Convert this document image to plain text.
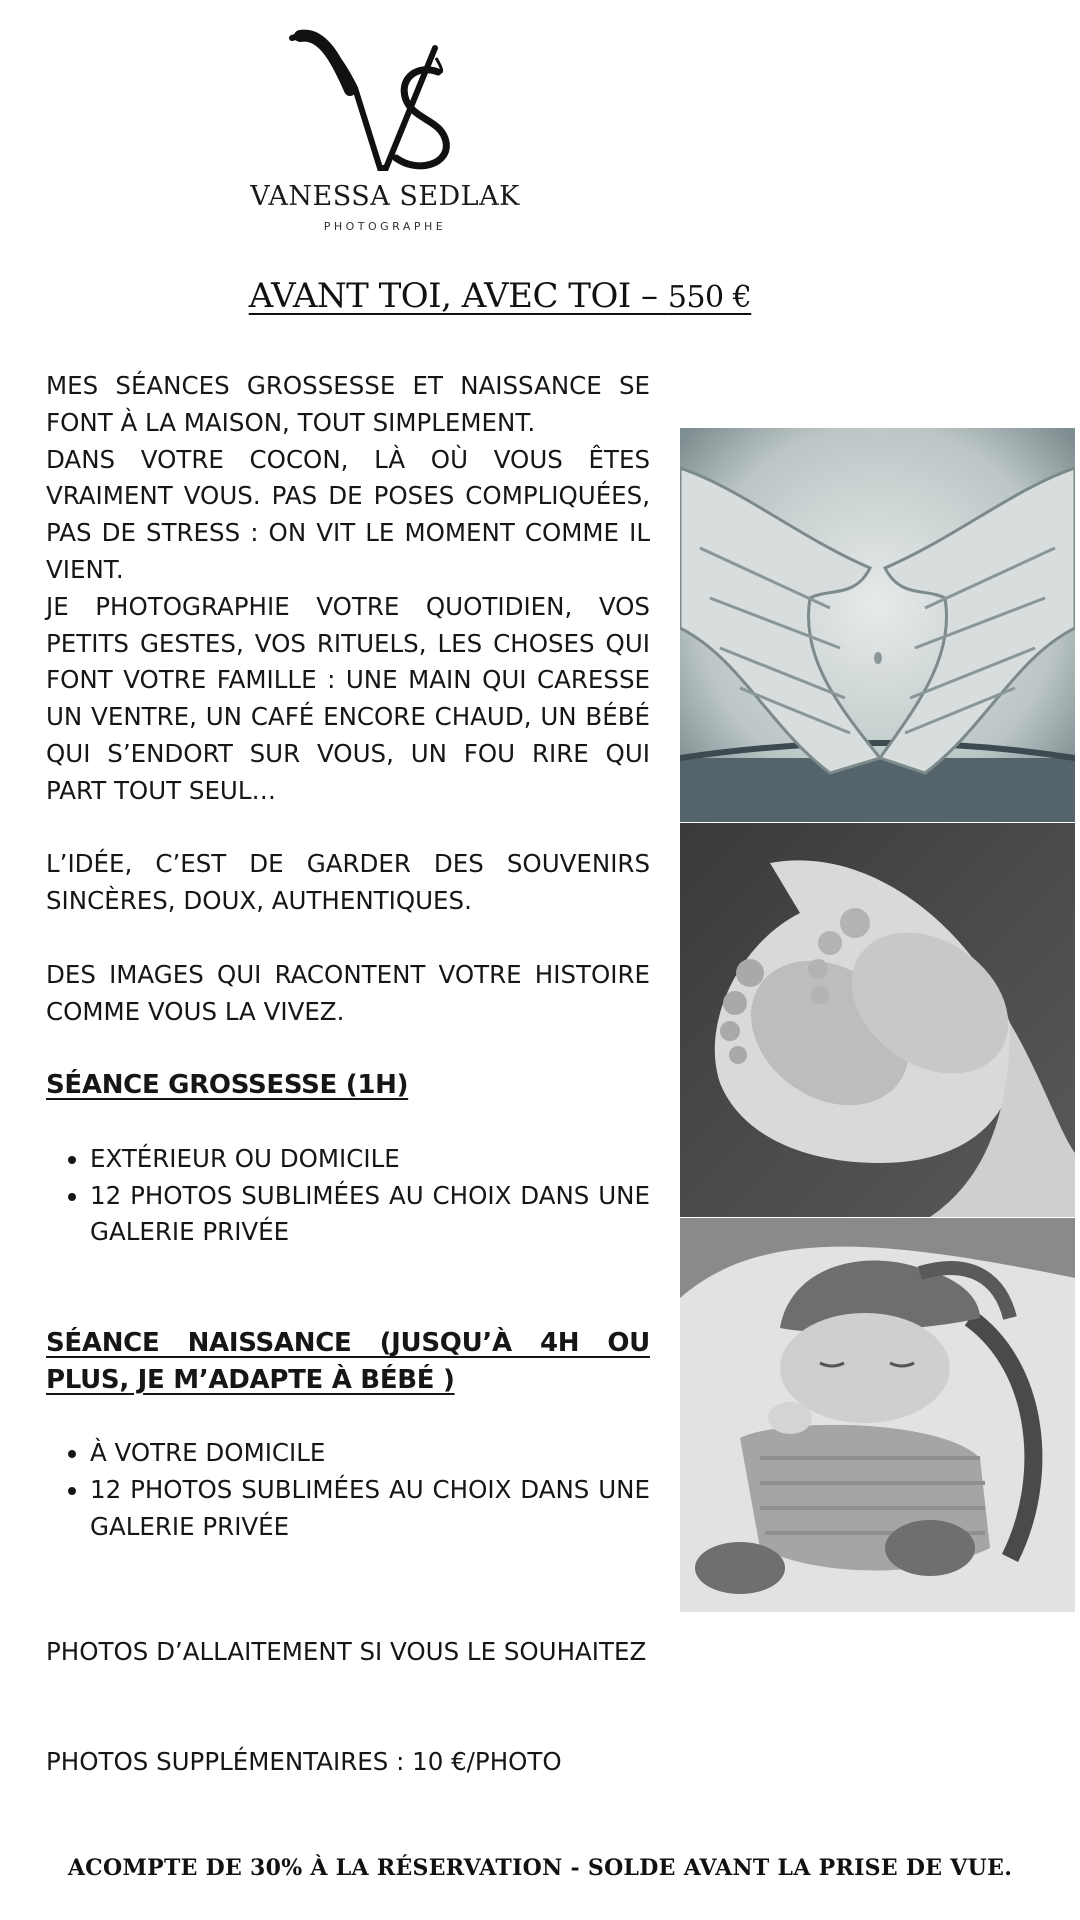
VANESSA SEDLAK
PHOTOGRAPHE
AVANT TOI, AVEC TOI – 550 €

MES SÉANCES GROSSESSE ET NAISSANCE SE FONT À LA MAISON, TOUT SIMPLEMENT.

DANS VOTRE COCON, LÀ OÙ VOUS ÊTES VRAIMENT VOUS. PAS DE POSES COMPLIQUÉES, PAS DE STRESS : ON VIT LE MOMENT COMME IL VIENT.

JE PHOTOGRAPHIE VOTRE QUOTIDIEN, VOS PETITS GESTES, VOS RITUELS, LES CHOSES QUI FONT VOTRE FAMILLE : UNE MAIN QUI CARESSE UN VENTRE, UN CAFÉ ENCORE CHAUD, UN BÉBÉ QUI S’ENDORT SUR VOUS, UN FOU RIRE QUI PART TOUT SEUL…

L’IDÉE, C’EST DE GARDER DES SOUVENIRS SINCÈRES, DOUX, AUTHENTIQUES.

DES IMAGES QUI RACONTENT VOTRE HISTOIRE COMME VOUS LA VIVEZ.

SÉANCE GROSSESSE (1H)
• EXTÉRIEUR OU DOMICILE
• 12 PHOTOS SUBLIMÉES AU CHOIX DANS UNE GALERIE PRIVÉE
SÉANCE NAISSANCE (JUSQU’À 4H OU PLUS, JE M’ADAPTE À BÉBÉ )
• À VOTRE DOMICILE
• 12 PHOTOS SUBLIMÉES AU CHOIX DANS UNE GALERIE PRIVÉE
PHOTOS D’ALLAITEMENT SI VOUS LE SOUHAITEZ
PHOTOS SUPPLÉMENTAIRES : 10 €/PHOTO
ACOMPTE DE 30% À LA RÉSERVATION - SOLDE AVANT LA PRISE DE VUE.
